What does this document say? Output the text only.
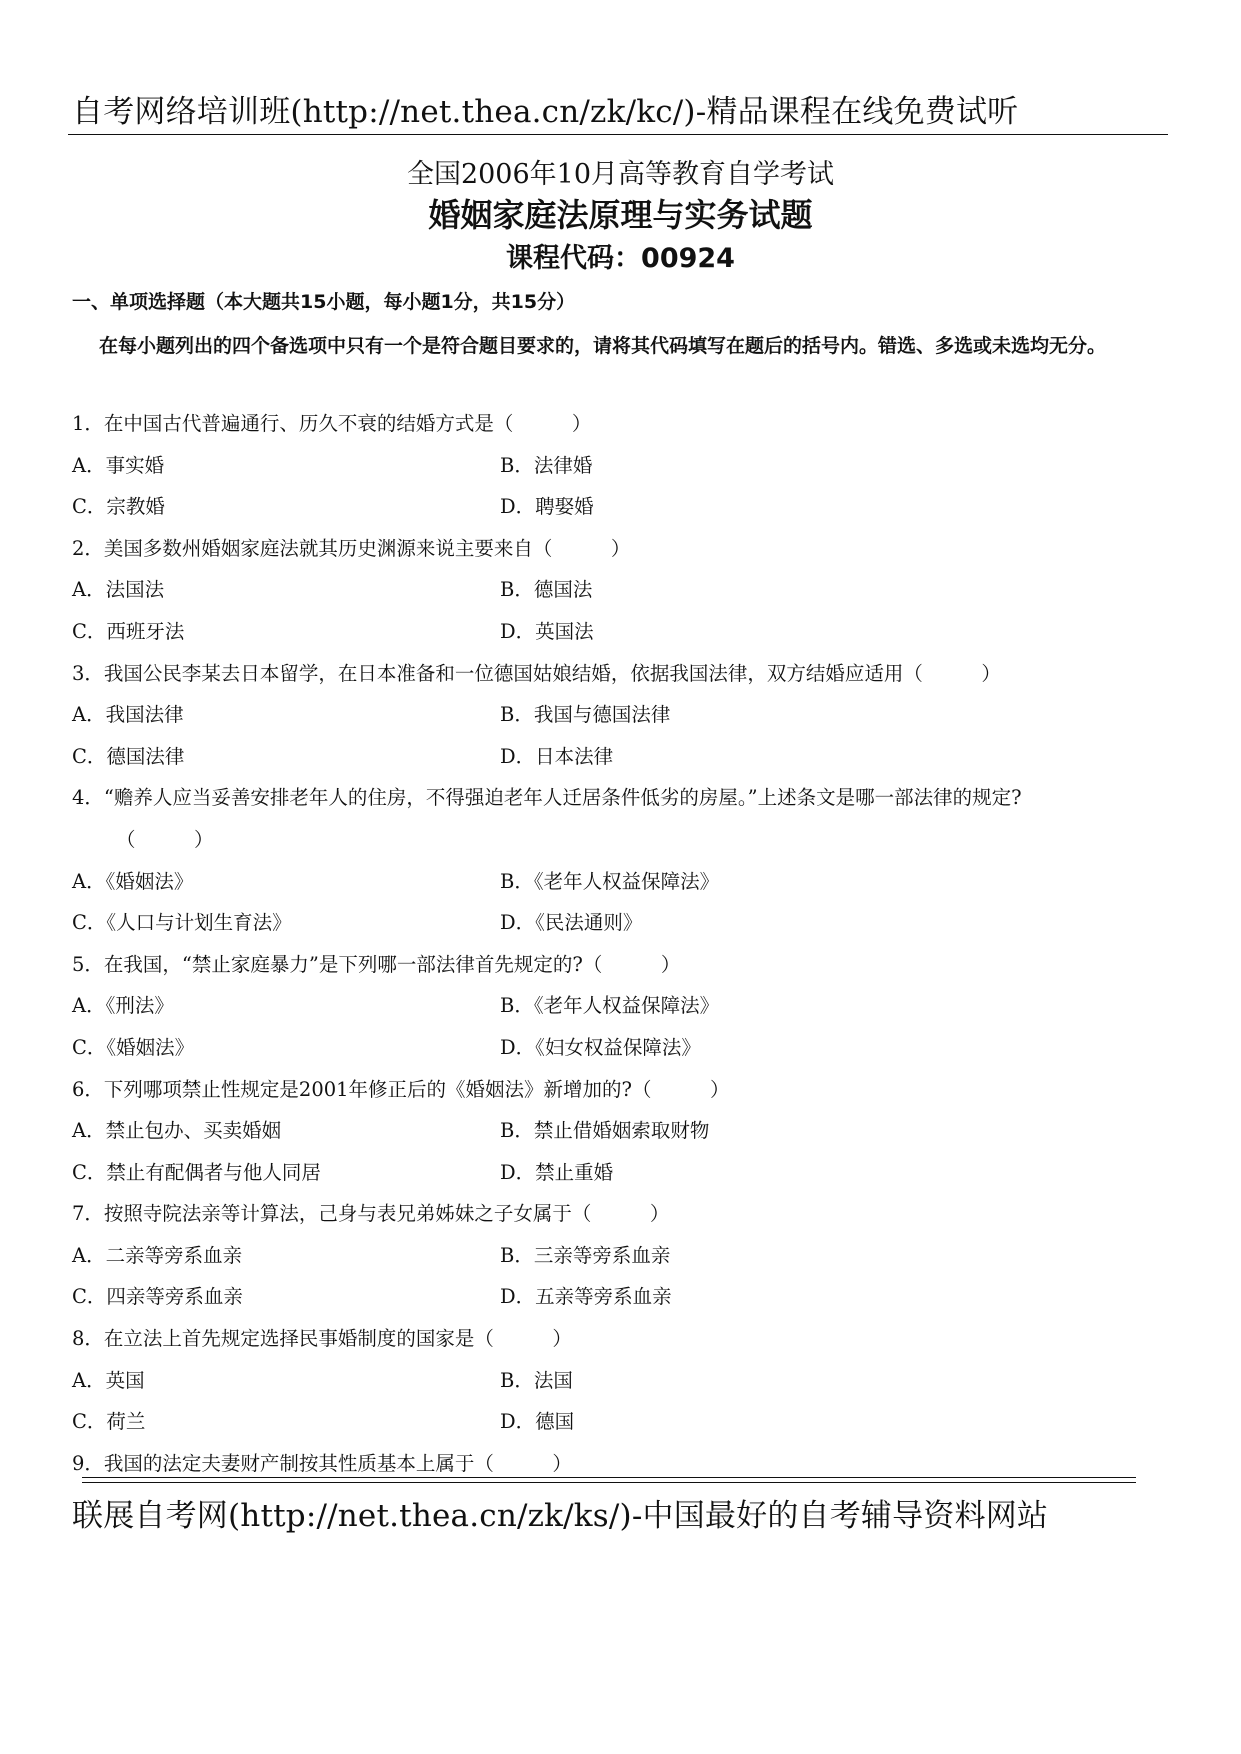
自考网络培训班(http://net.thea.cn/zk/kc/)-精品课程在线免费试听
全国2006年10月高等教育自学考试
婚姻家庭法原理与实务试题
课程代码：00924
一、单项选择题（本大题共15小题，每小题1分，共15分）
在每小题列出的四个备选项中只有一个是符合题目要求的，请将其代码填写在题后的括号内。错选、多选或未选均无分。
1．在中国古代普遍通行、历久不衰的结婚方式是（　　　）
A．事实婚	B．法律婚
C．宗教婚	D．聘娶婚
2．美国多数州婚姻家庭法就其历史渊源来说主要来自（　　　）
A．法国法	B．德国法
C．西班牙法	D．英国法
3．我国公民李某去日本留学，在日本准备和一位德国姑娘结婚，依据我国法律，双方结婚应适用（　　　）
A．我国法律	B．我国与德国法律
C．德国法律	D．日本法律
4．“赡养人应当妥善安排老年人的住房，不得强迫老年人迁居条件低劣的房屋。”上述条文是哪一部法律的规定?
（　　　）
A．《婚姻法》	B．《老年人权益保障法》
C．《人口与计划生育法》	D．《民法通则》
5．在我国，“禁止家庭暴力”是下列哪一部法律首先规定的?（　　　）
A．《刑法》	B．《老年人权益保障法》
C．《婚姻法》	D．《妇女权益保障法》
6．下列哪项禁止性规定是2001年修正后的《婚姻法》新增加的?（　　　）
A．禁止包办、买卖婚姻	B．禁止借婚姻索取财物
C．禁止有配偶者与他人同居	D．禁止重婚
7．按照寺院法亲等计算法，己身与表兄弟姊妹之子女属于（　　　）
A．二亲等旁系血亲	B．三亲等旁系血亲
C．四亲等旁系血亲	D．五亲等旁系血亲
8．在立法上首先规定选择民事婚制度的国家是（　　　）
A．英国	B．法国
C．荷兰	D．德国
9．我国的法定夫妻财产制按其性质基本上属于（　　　）
联展自考网(http://net.thea.cn/zk/ks/)-中国最好的自考辅导资料网站
